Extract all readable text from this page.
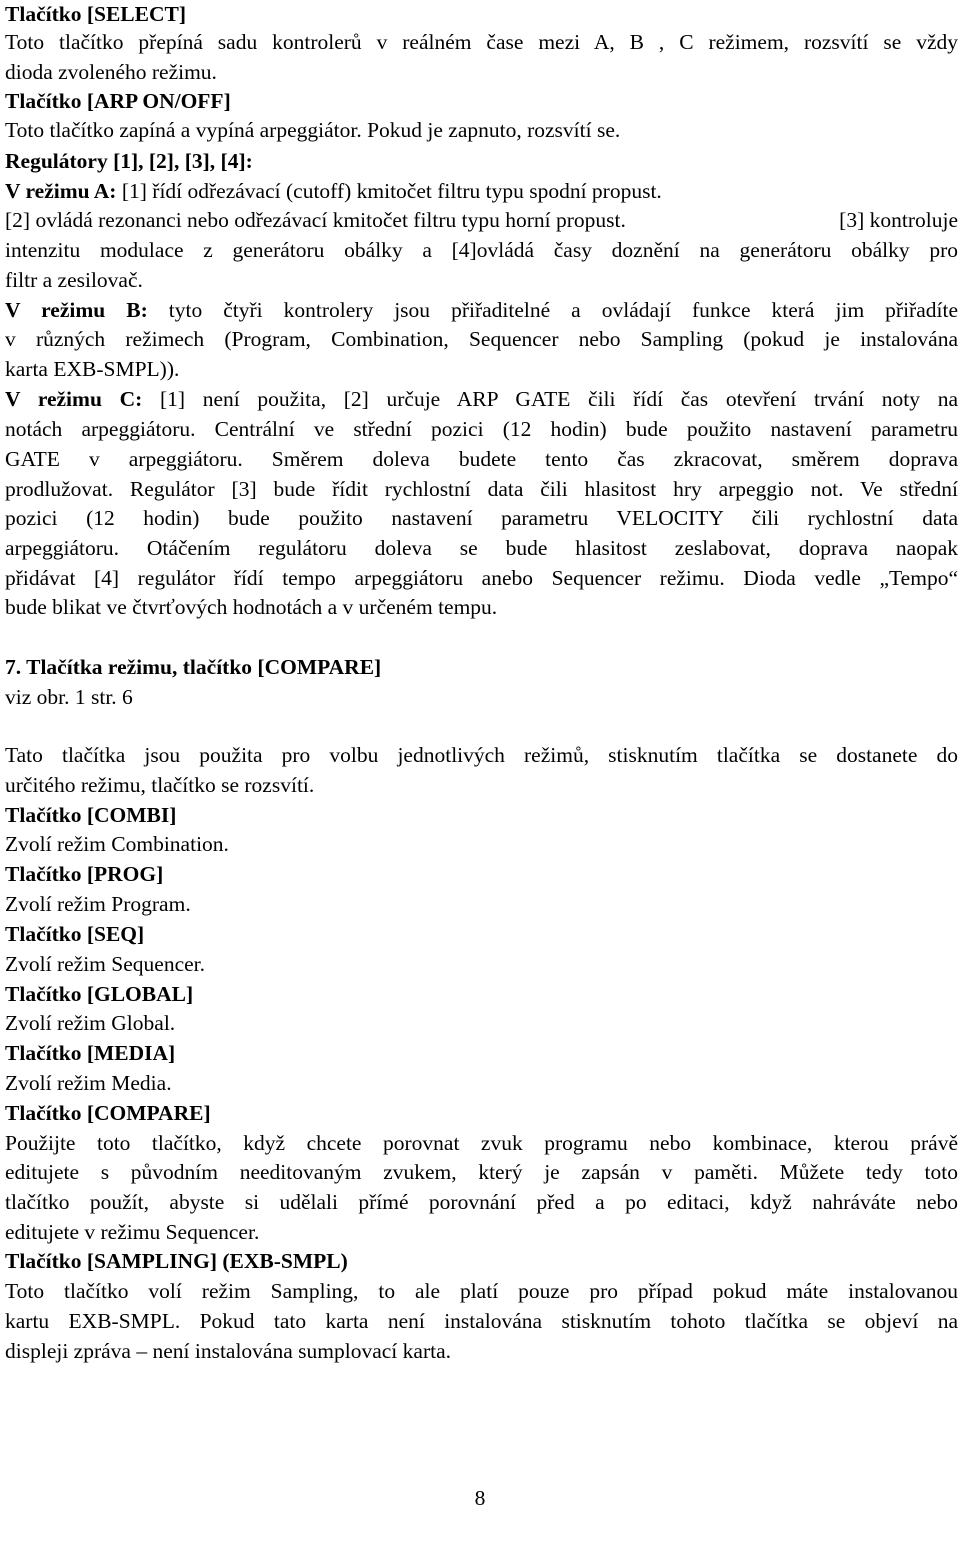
Tlačítko [SELECT]
Toto tlačítko přepíná sadu kontrolerů v reálném čase mezi A, B , C režimem, rozsvítí se vždy
dioda zvoleného režimu.
Tlačítko [ARP ON/OFF]
Toto tlačítko zapíná a vypíná arpeggiátor. Pokud je zapnuto, rozsvítí se.
Regulátory [1], [2], [3], [4]:
V režimu A: [1] řídí odřezávací (cutoff) kmitočet filtru typu spodní propust.
[2] ovládá rezonanci nebo odřezávací kmitočet filtru typu horní propust.	[3] kontroluje
intenzitu modulace z generátoru obálky a [4]ovládá časy doznění na generátoru obálky pro
filtr a zesilovač.
V režimu B: tyto čtyři kontrolery jsou přiřaditelné a ovládají funkce která jim přiřadíte
v různých režimech (Program, Combination, Sequencer nebo Sampling (pokud je instalována
karta EXB-SMPL)).
V režimu C: [1] není použita, [2] určuje ARP GATE čili řídí čas otevření trvání noty na
notách arpeggiátoru. Centrální ve střední pozici (12 hodin) bude použito nastavení parametru
GATE v arpeggiátoru. Směrem doleva budete tento čas zkracovat, směrem doprava
prodlužovat. Regulátor [3] bude řídit rychlostní data čili hlasitost hry arpeggio not. Ve střední
pozici (12 hodin) bude použito nastavení parametru VELOCITY čili rychlostní data
arpeggiátoru. Otáčením regulátoru doleva se bude hlasitost zeslabovat, doprava naopak
přidávat [4] regulátor řídí tempo arpeggiátoru anebo Sequencer režimu. Dioda vedle „Tempo“
bude blikat ve čtvrťových hodnotách a v určeném tempu.
7. Tlačítka režimu, tlačítko [COMPARE]
viz obr. 1 str. 6
Tato tlačítka jsou použita pro volbu jednotlivých režimů, stisknutím tlačítka se dostanete do
určitého režimu, tlačítko se rozsvítí.
Tlačítko [COMBI]
Zvolí režim Combination.
Tlačítko [PROG]
Zvolí režim Program.
Tlačítko [SEQ]
Zvolí režim Sequencer.
Tlačítko [GLOBAL]
Zvolí režim Global.
Tlačítko [MEDIA]
Zvolí režim Media.
Tlačítko [COMPARE]
Použijte toto tlačítko, když chcete porovnat zvuk programu nebo kombinace, kterou právě
editujete s původním needitovaným zvukem, který je zapsán v paměti. Můžete tedy toto
tlačítko použít, abyste si udělali přímé porovnání před a po editaci, když nahráváte nebo
editujete v režimu Sequencer.
Tlačítko [SAMPLING] (EXB-SMPL)
Toto tlačítko volí režim Sampling, to ale platí pouze pro případ pokud máte instalovanou
kartu EXB-SMPL. Pokud tato karta není instalována stisknutím tohoto tlačítka se objeví na
displeji zpráva – není instalována sumplovací karta.
8
